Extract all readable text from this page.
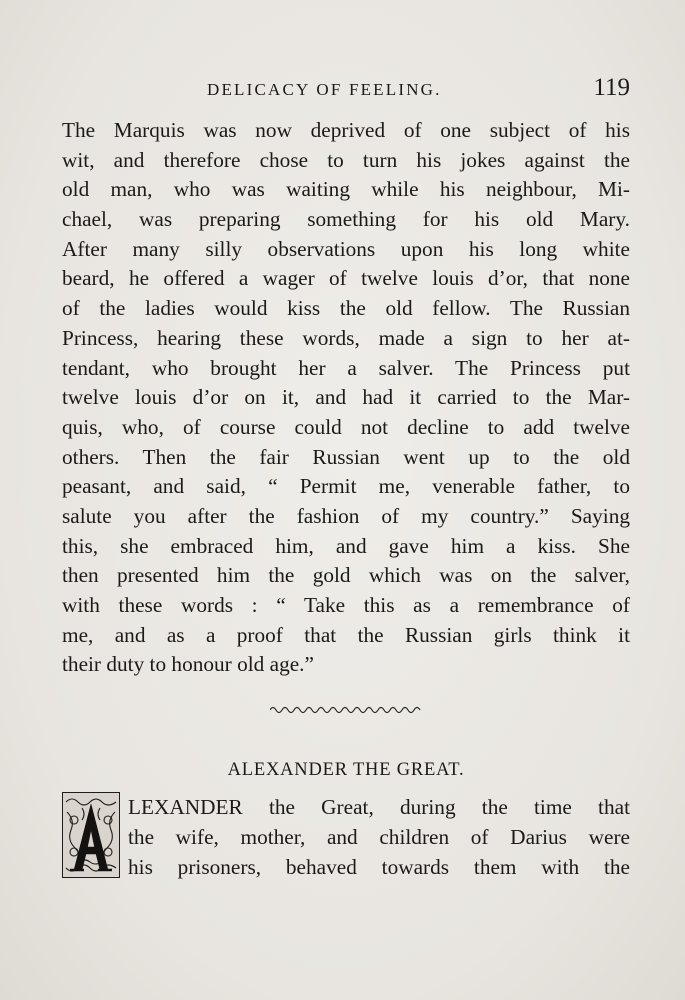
DELICACY OF FEELING.	119
The Marquis was now deprived of one subject of his
wit, and therefore chose to turn his jokes against the
old man, who was waiting while his neighbour, Mi-
chael, was preparing something for his old Mary.
After many silly observations upon his long white
beard, he offered a wager of twelve louis d’or, that none
of the ladies would kiss the old fellow. The Russian
Princess, hearing these words, made a sign to her at-
tendant, who brought her a salver. The Princess put
twelve louis d’or on it, and had it carried to the Mar-
quis, who, of course could not decline to add twelve
others. Then the fair Russian went up to the old
peasant, and said, “ Permit me, venerable father, to
salute you after the fashion of my country.” Saying
this, she embraced him, and gave him a kiss. She
then presented him the gold which was on the salver,
with these words : “ Take this as a remembrance of
me, and as a proof that the Russian girls think it
their duty to honour old age.”
ALEXANDER THE GREAT.
LEXANDER the Great, during the time that
the wife, mother, and children of Darius were
his prisoners, behaved towards them with the
